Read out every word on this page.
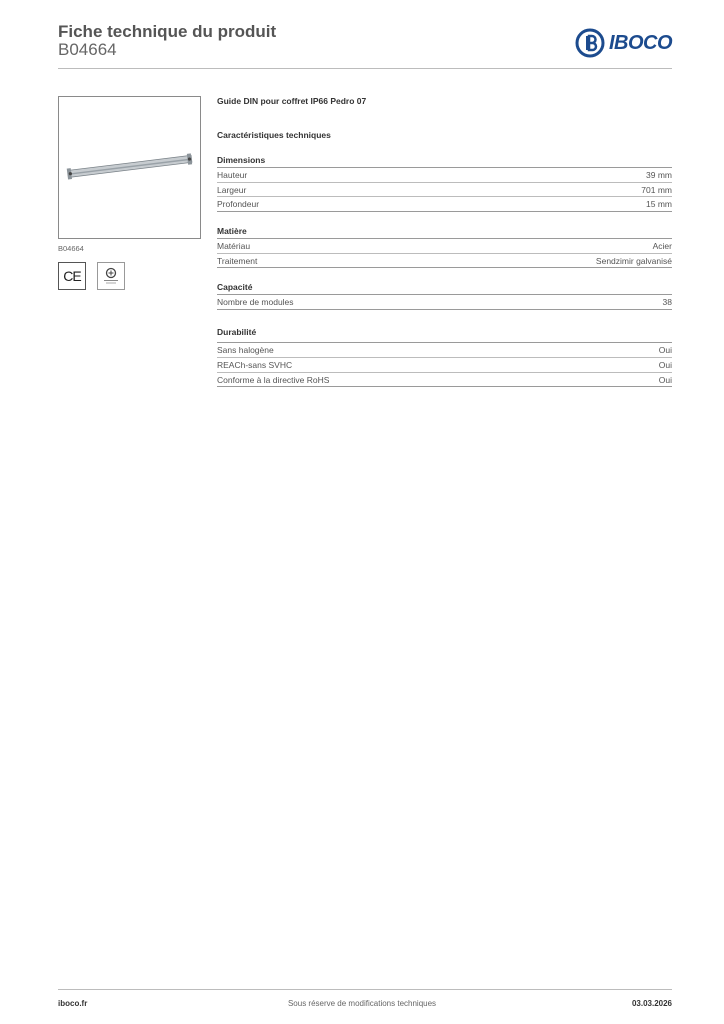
Fiche technique du produit
B04664	IBOCO
B04664
CE
Guide DIN pour coffret IP66 Pedro 07
Caractéristiques techniques
Dimensions
Hauteur	39 mm
Largeur	701 mm
Profondeur	15 mm
Matière
Matériau	Acier
Traitement	Sendzimir galvanisé
Capacité
Nombre de modules	38
Durabilité
Sans halogène	Oui
REACh-sans SVHC	Oui
Conforme à la directive RoHS	Oui
iboco.fr	Sous réserve de modifications techniques	03.03.2026
